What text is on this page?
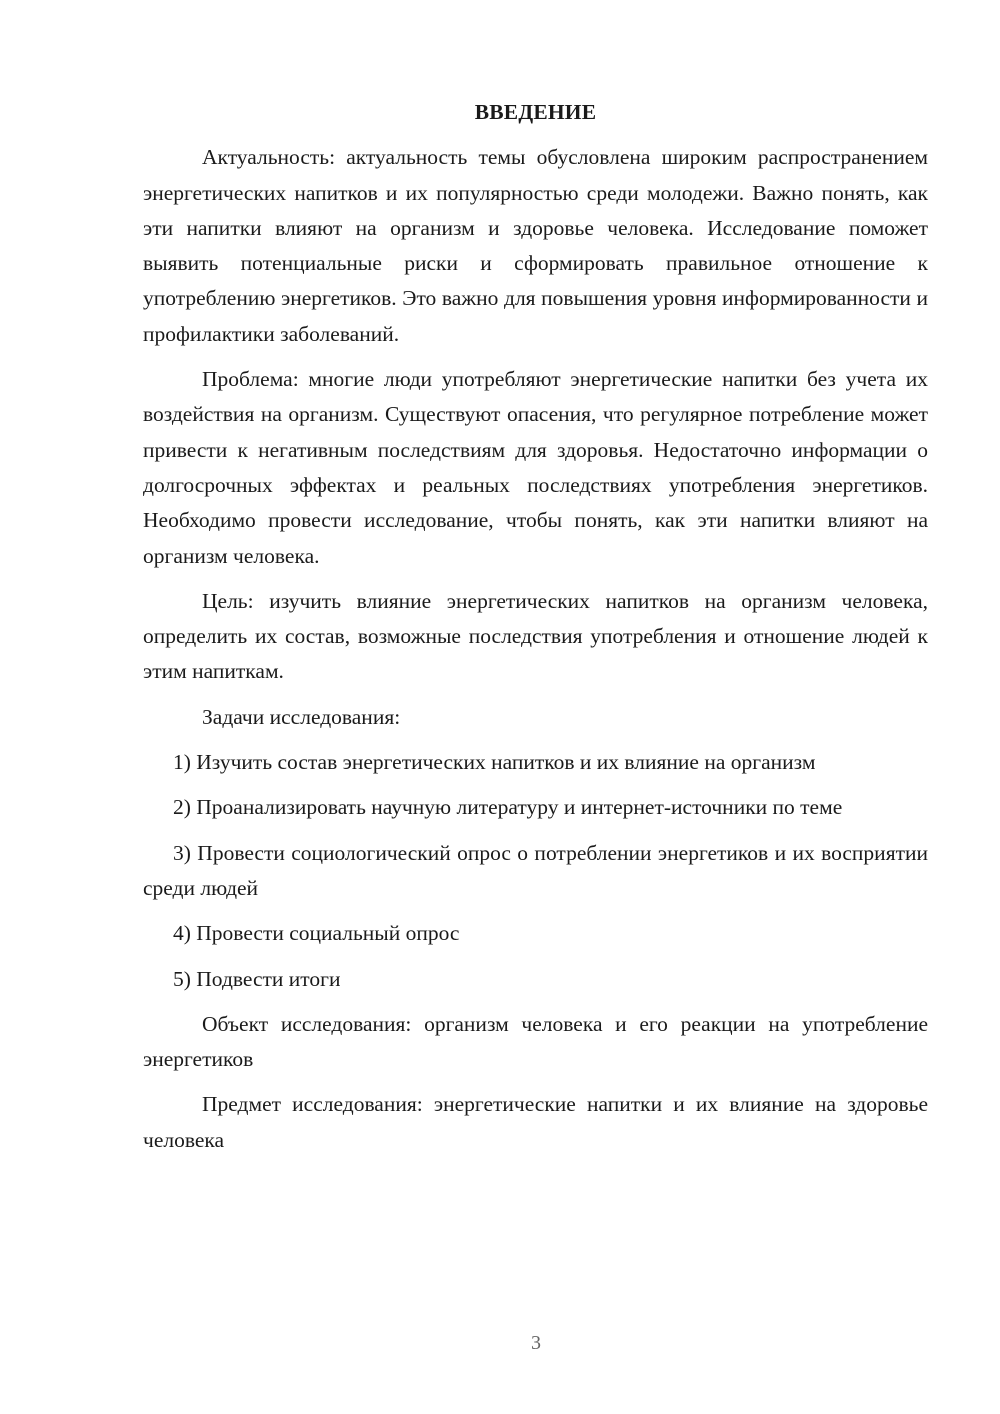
ВВЕДЕНИЕ

Актуальность: актуальность темы обусловлена широким распространением энергетических напитков и их популярностью среди молодежи. Важно понять, как эти напитки влияют на организм и здоровье человека. Исследование поможет выявить потенциальные риски и сформировать правильное отношение к употреблению энергетиков. Это важно для повышения уровня информированности и профилактики заболеваний.

Проблема: многие люди употребляют энергетические напитки без учета их воздействия на организм. Существуют опасения, что регулярное потребление может привести к негативным последствиям для здоровья. Недостаточно информации о долгосрочных эффектах и реальных последствиях употребления энергетиков. Необходимо провести исследование, чтобы понять, как эти напитки влияют на организм человека.

Цель: изучить влияние энергетических напитков на организм человека, определить их состав, возможные последствия употребления и отношение людей к этим напиткам.

Задачи исследования:

1) Изучить состав энергетических напитков и их влияние на организм

2) Проанализировать научную литературу и интернет-источники по теме

3) Провести социологический опрос о потреблении энергетиков и их восприятии среди людей

4) Провести социальный опрос

5) Подвести итоги

Объект исследования: организм человека и его реакции на употребление энергетиков

Предмет исследования: энергетические напитки и их влияние на здоровье человека

3
